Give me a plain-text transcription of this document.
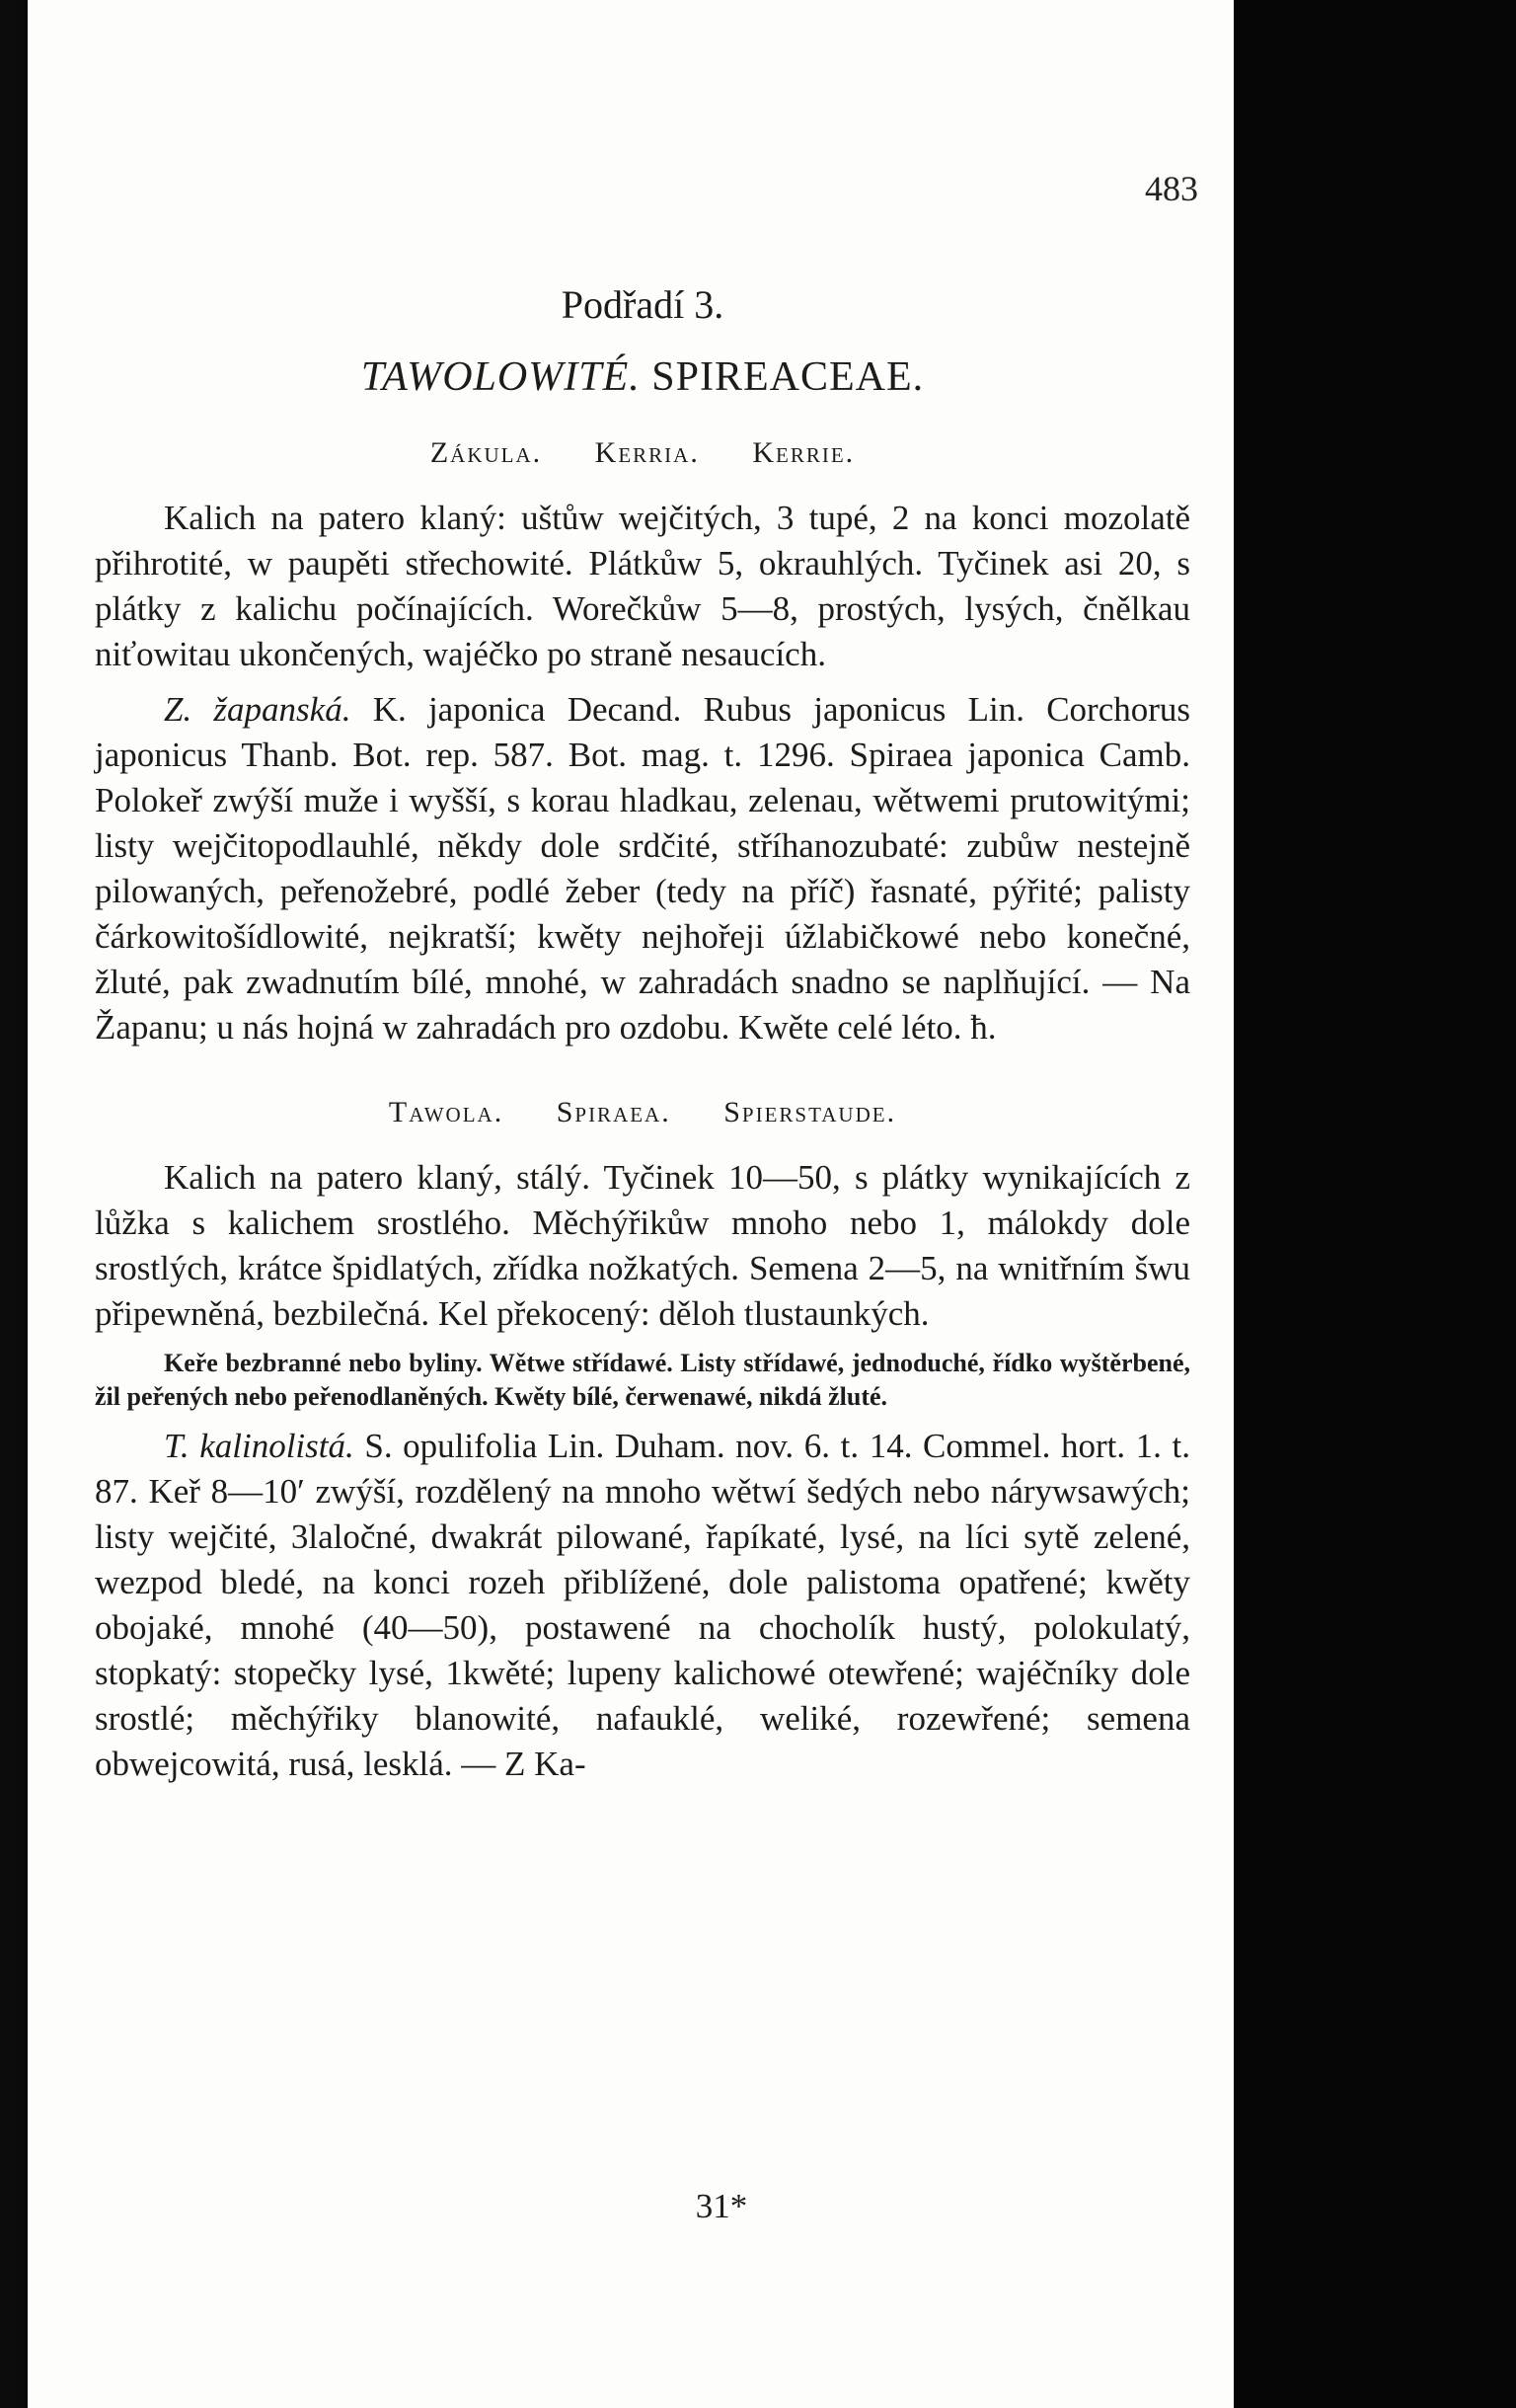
483
Podřadí 3.
TAWOLOWITÉ. SPIREACEAE.
Zákula. Kerria. Kerrie.

Kalich na patero klaný: uštůw wejčitých, 3 tupé, 2 na konci mozolatě přihrotité, w paupěti střechowité. Plátkůw 5, okrauhlých. Tyčinek asi 20, s plátky z kalichu počínajících. Worečkůw 5—8, prostých, lysých, čnělkau niťowitau ukončených, wajéčko po straně nesaucích.

Z. žapanská. K. japonica Decand. Rubus japonicus Lin. Corchorus japonicus Thanb. Bot. rep. 587. Bot. mag. t. 1296. Spiraea japonica Camb. Polokeř zwýší muže i wyšší, s korau hladkau, zelenau, wětwemi prutowitými; listy wejčitopodlauhlé, někdy dole srdčité, stříhanozubaté: zubůw nestejně pilowaných, peřenožebré, podlé žeber (tedy na příč) řasnaté, pýřité; palisty čárkowitošídlowité, nejkratší; kwěty nejhořeji úžlabičkowé nebo konečné, žluté, pak zwadnutím bílé, mnohé, w zahradách snadno se naplňující. — Na Žapanu; u nás hojná w zahradách pro ozdobu. Kwěte celé léto. ħ.

Tawola. Spiraea. Spierstaude.

Kalich na patero klaný, stálý. Tyčinek 10—50, s plátky wynikajících z lůžka s kalichem srostlého. Měchýřikůw mnoho nebo 1, málokdy dole srostlých, krátce špidlatých, zřídka nožkatých. Semena 2—5, na wnitřním šwu připewněná, bezbilečná. Kel překocený: děloh tlustaunkých.

Keře bezbranné nebo byliny. Wětwe střídawé. Listy střídawé, jednoduché, řídko wyštěrbené, žil peřených nebo peřenodlaněných. Kwěty bílé, čerwenawé, nikdá žluté.

T. kalinolistá. S. opulifolia Lin. Duham. nov. 6. t. 14. Commel. hort. 1. t. 87. Keř 8—10′ zwýší, rozdělený na mnoho wětwí šedých nebo nárywsawých; listy wejčité, 3laločné, dwakrát pilowané, řapíkaté, lysé, na líci sytě zelené, wezpod bledé, na konci rozeh přiblížené, dole palistoma opatřené; kwěty obojaké, mnohé (40—50), postawené na chocholík hustý, polokulatý, stopkatý: stopečky lysé, 1kwěté; lupeny kalichowé otewřené; wajéčníky dole srostlé; měchýřiky blanowité, nafauklé, weliké, rozewřené; semena obwejcowitá, rusá, lesklá. — Z Ka-

31*
